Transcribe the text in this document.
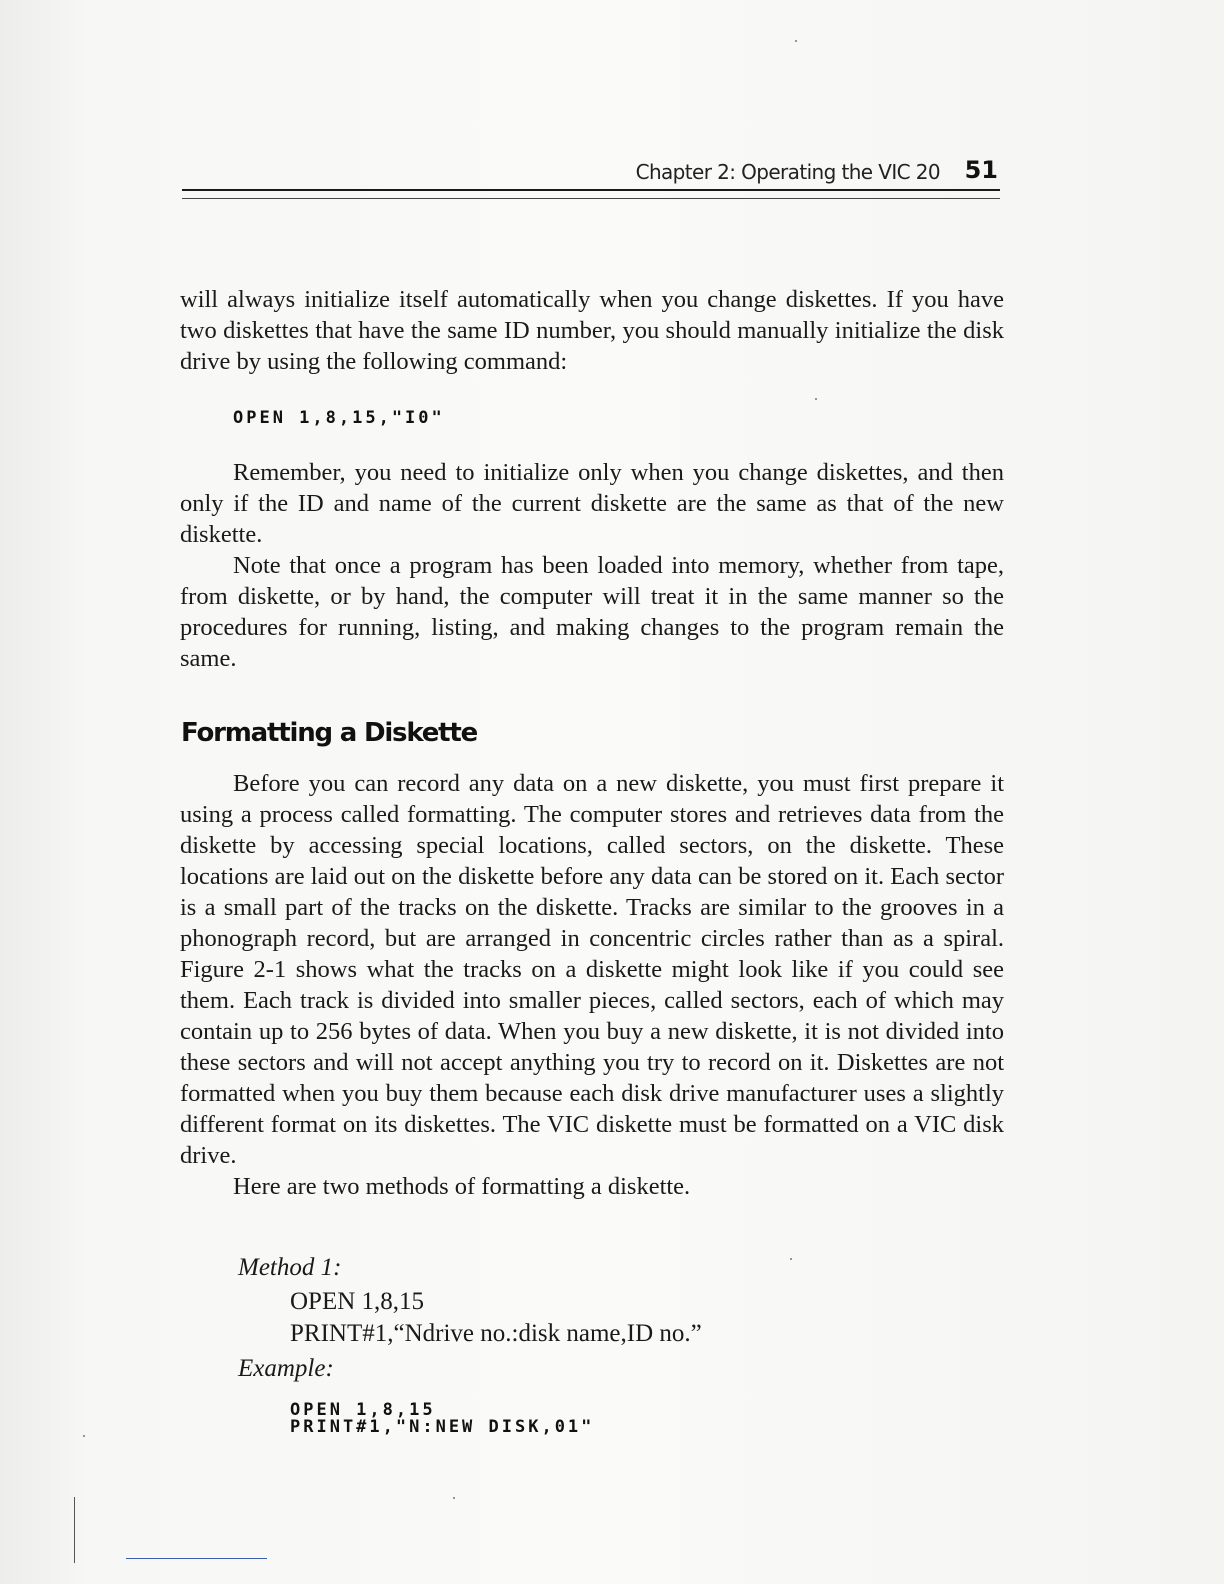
Chapter 2: Operating the VIC 20 51

will always initialize itself automatically when you change diskettes. If you have two diskettes that have the same ID number, you should manually initialize the disk drive by using the following command:

OPEN 1,8,15,"I0"

Remember, you need to initialize only when you change diskettes, and then only if the ID and name of the current diskette are the same as that of the new diskette.

Note that once a program has been loaded into memory, whether from tape, from diskette, or by hand, the computer will treat it in the same manner so the procedures for running, listing, and making changes to the program remain the same.

Formatting a Diskette

Before you can record any data on a new diskette, you must first prepare it using a process called formatting. The computer stores and retrieves data from the diskette by accessing special locations, called sectors, on the diskette. These locations are laid out on the diskette before any data can be stored on it. Each sector is a small part of the tracks on the diskette. Tracks are similar to the grooves in a phonograph record, but are arranged in concentric circles rather than as a spiral. Figure 2-1 shows what the tracks on a diskette might look like if you could see them. Each track is divided into smaller pieces, called sectors, each of which may contain up to 256 bytes of data. When you buy a new diskette, it is not divided into these sectors and will not accept anything you try to record on it. Diskettes are not formatted when you buy them because each disk drive manufacturer uses a slightly different format on its diskettes. The VIC diskette must be formatted on a VIC disk drive.

Here are two methods of formatting a diskette.

Method 1:
OPEN 1,8,15
PRINT#1,“Ndrive no.:disk name,ID no.”
Example:
OPEN 1,8,15
PRINT#1,"N:NEW DISK,01"
